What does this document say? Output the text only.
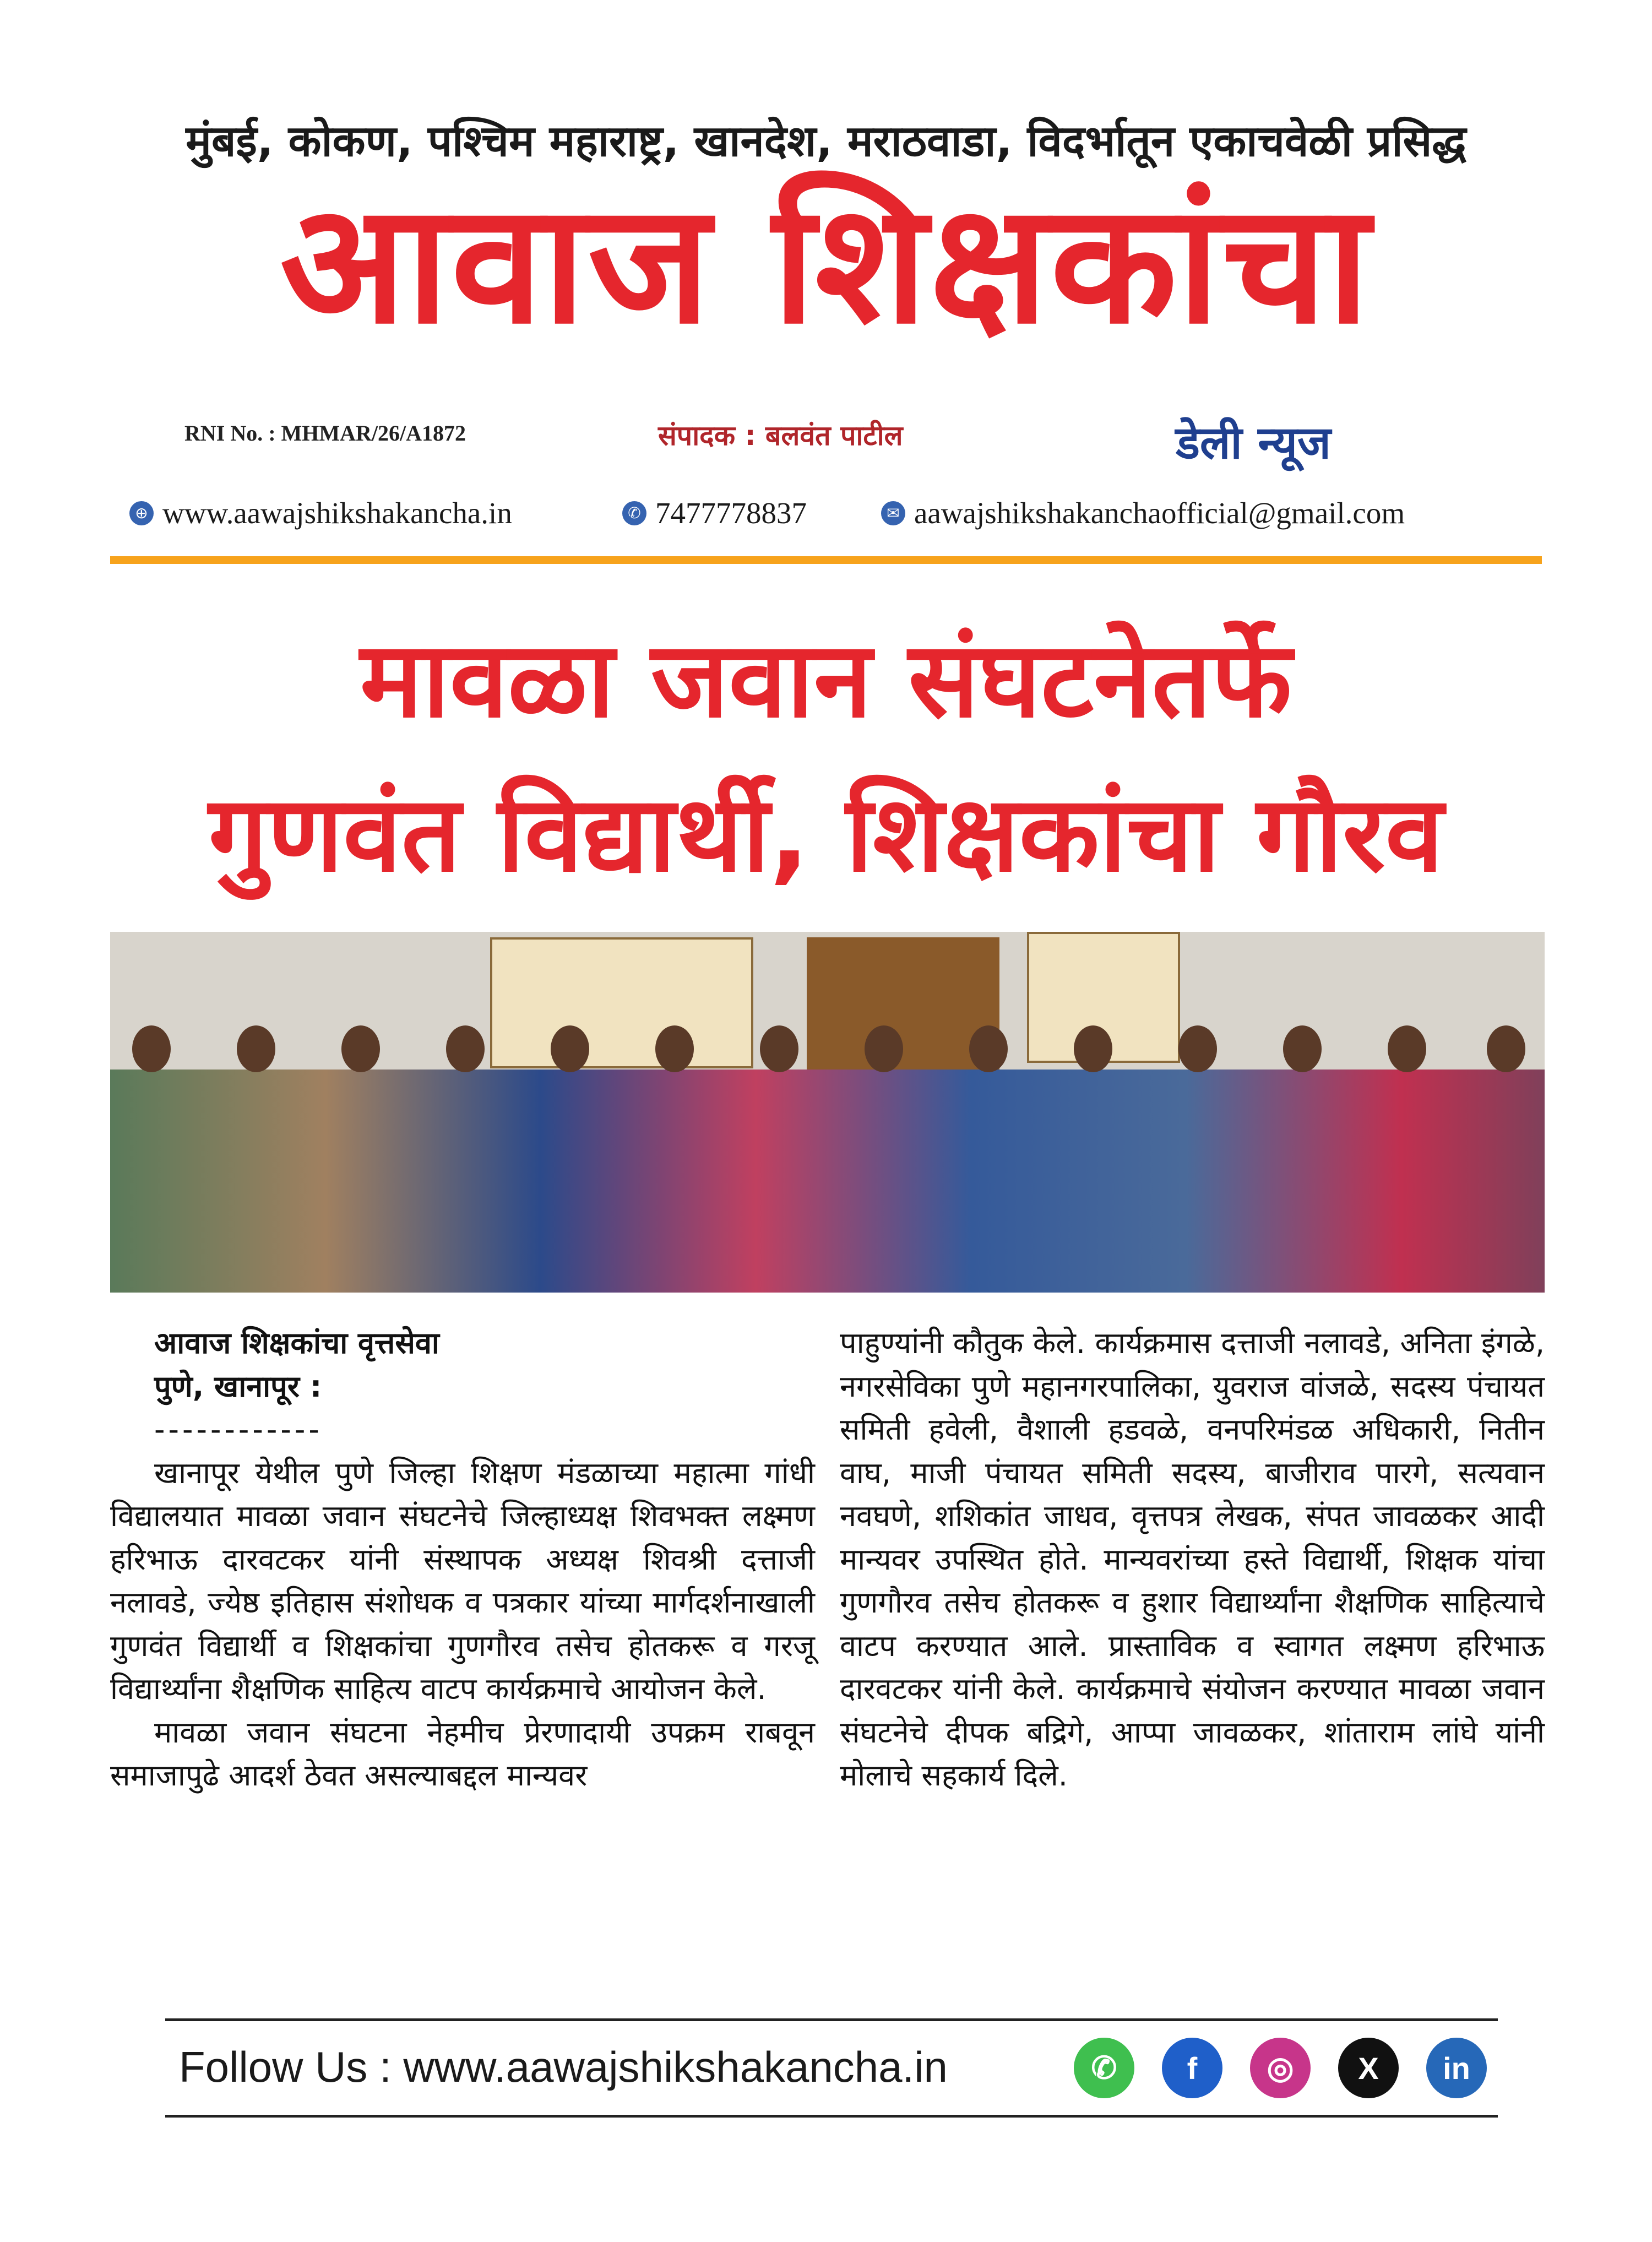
मुंबई, कोकण, पश्चिम महाराष्ट्र, खानदेश, मराठवाडा, विदर्भातून एकाचवेळी प्रसिद्ध
आवाज शिक्षकांचा
RNI No. : MHMAR/26/A1872	संपादक : बलवंत पाटील	डेली न्यूज
⊕ www.aawajshikshakancha.in	✆ 7477778837	✉ aawajshikshakanchaofficial@gmail.com
मावळा जवान संघटनेतर्फे
गुणवंत विद्यार्थी, शिक्षकांचा गौरव

आवाज शिक्षकांचा वृत्तसेवा

पुणे, खानापूर :

------------

खानापूर येथील पुणे जिल्हा शिक्षण मंडळाच्या महात्मा गांधी विद्यालयात मावळा जवान संघटनेचे जिल्हाध्यक्ष शिवभक्त लक्ष्मण हरिभाऊ दारवटकर यांनी संस्थापक अध्यक्ष शिवश्री दत्ताजी नलावडे, ज्येष्ठ इतिहास संशोधक व पत्रकार यांच्या मार्गदर्शनाखाली गुणवंत विद्यार्थी व शिक्षकांचा गुणगौरव तसेच होतकरू व गरजू विद्यार्थ्यांना शैक्षणिक साहित्य वाटप कार्यक्रमाचे आयोजन केले.

मावळा जवान संघटना नेहमीच प्रेरणादायी उपक्रम राबवून समाजापुढे आदर्श ठेवत असल्याबद्दल मान्यवर

पाहुण्यांनी कौतुक केले. कार्यक्रमास दत्ताजी नलावडे, अनिता इंगळे, नगरसेविका पुणे महानगरपालिका, युवराज वांजळे, सदस्य पंचायत समिती हवेली, वैशाली हडवळे, वनपरिमंडळ अधिकारी, नितीन वाघ, माजी पंचायत समिती सदस्य, बाजीराव पारगे, सत्यवान नवघणे, शशिकांत जाधव, वृत्तपत्र लेखक, संपत जावळकर आदी मान्यवर उपस्थित होते. मान्यवरांच्या हस्ते विद्यार्थी, शिक्षक यांचा गुणगौरव तसेच होतकरू व हुशार विद्यार्थ्यांना शैक्षणिक साहित्याचे वाटप करण्यात आले. प्रास्ताविक व स्वागत लक्ष्मण हरिभाऊ दारवटकर यांनी केले. कार्यक्रमाचे संयोजन करण्यात मावळा जवान संघटनेचे दीपक बद्रिगे, आप्पा जावळकर, शांताराम लांघे यांनी मोलाचे सहकार्य दिले.

Follow Us : www.aawajshikshakancha.in	✆	f	◎	X	in
